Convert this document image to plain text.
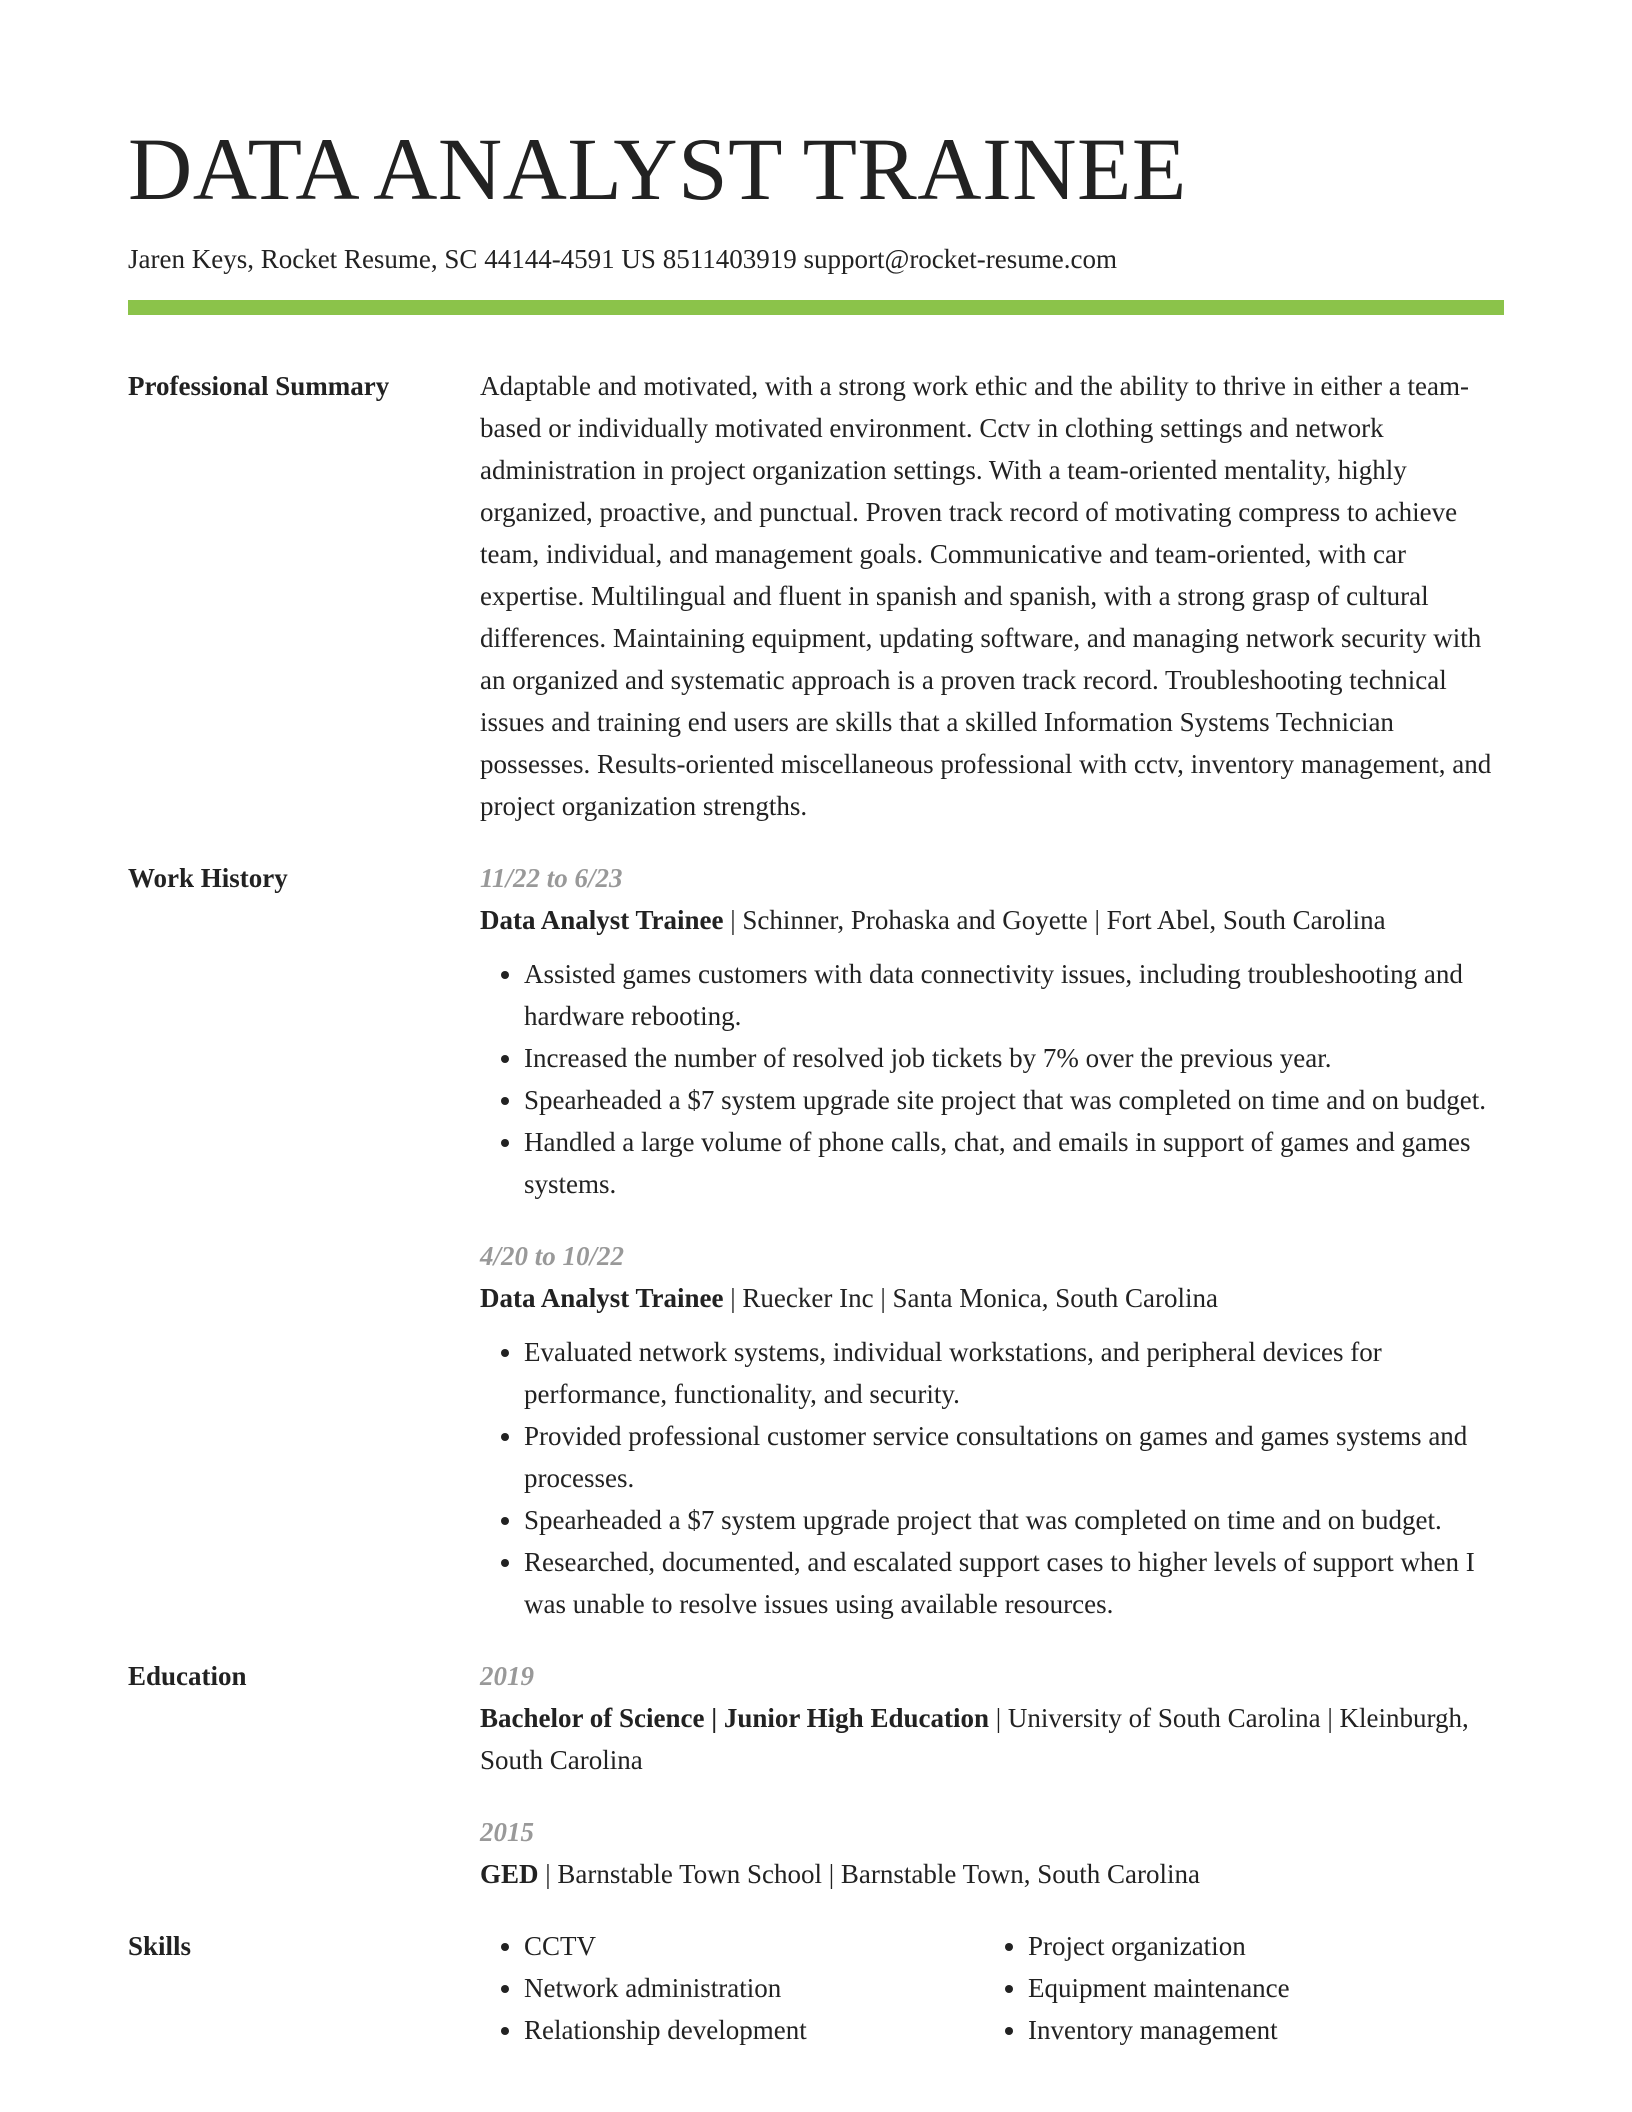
DATA ANALYST TRAINEE
Jaren Keys, Rocket Resume, SC 44144-4591 US 8511403919 support@rocket-resume.com
Professional Summary	Adaptable and motivated, with a strong work ethic and the ability to thrive in either a team-based or individually motivated environment. Cctv in clothing settings and network administration in project organization settings. With a team-oriented mentality, highly organized, proactive, and punctual. Proven track record of motivating compress to achieve team, individual, and management goals. Communicative and team-oriented, with car expertise. Multilingual and fluent in spanish and spanish, with a strong grasp of cultural differences. Maintaining equipment, updating software, and managing network security with an organized and systematic approach is a proven track record. Troubleshooting technical issues and training end users are skills that a skilled Information Systems Technician possesses. Results-oriented miscellaneous professional with cctv, inventory management, and project organization strengths.

Work History	11/22 to 6/23

Data Analyst Trainee | Schinner, Prohaska and Goyette | Fort Abel, South Carolina

• Assisted games customers with data connectivity issues, including troubleshooting and hardware rebooting.
• Increased the number of resolved job tickets by 7% over the previous year.
• Spearheaded a $7 system upgrade site project that was completed on time and on budget.
• Handled a large volume of phone calls, chat, and emails in support of games and games systems.
4/20 to 10/22

Data Analyst Trainee | Ruecker Inc | Santa Monica, South Carolina

• Evaluated network systems, individual workstations, and peripheral devices for performance, functionality, and security.
• Provided professional customer service consultations on games and games systems and processes.
• Spearheaded a $7 system upgrade project that was completed on time and on budget.
• Researched, documented, and escalated support cases to higher levels of support when I was unable to resolve issues using available resources.
Education	2019

Bachelor of Science | Junior High Education | University of South Carolina | Kleinburgh, South Carolina

2015

GED | Barnstable Town School | Barnstable Town, South Carolina

Skills
•	CCTV
• Network administration
• Relationship development
• Project organization
• Equipment maintenance
• Inventory management
